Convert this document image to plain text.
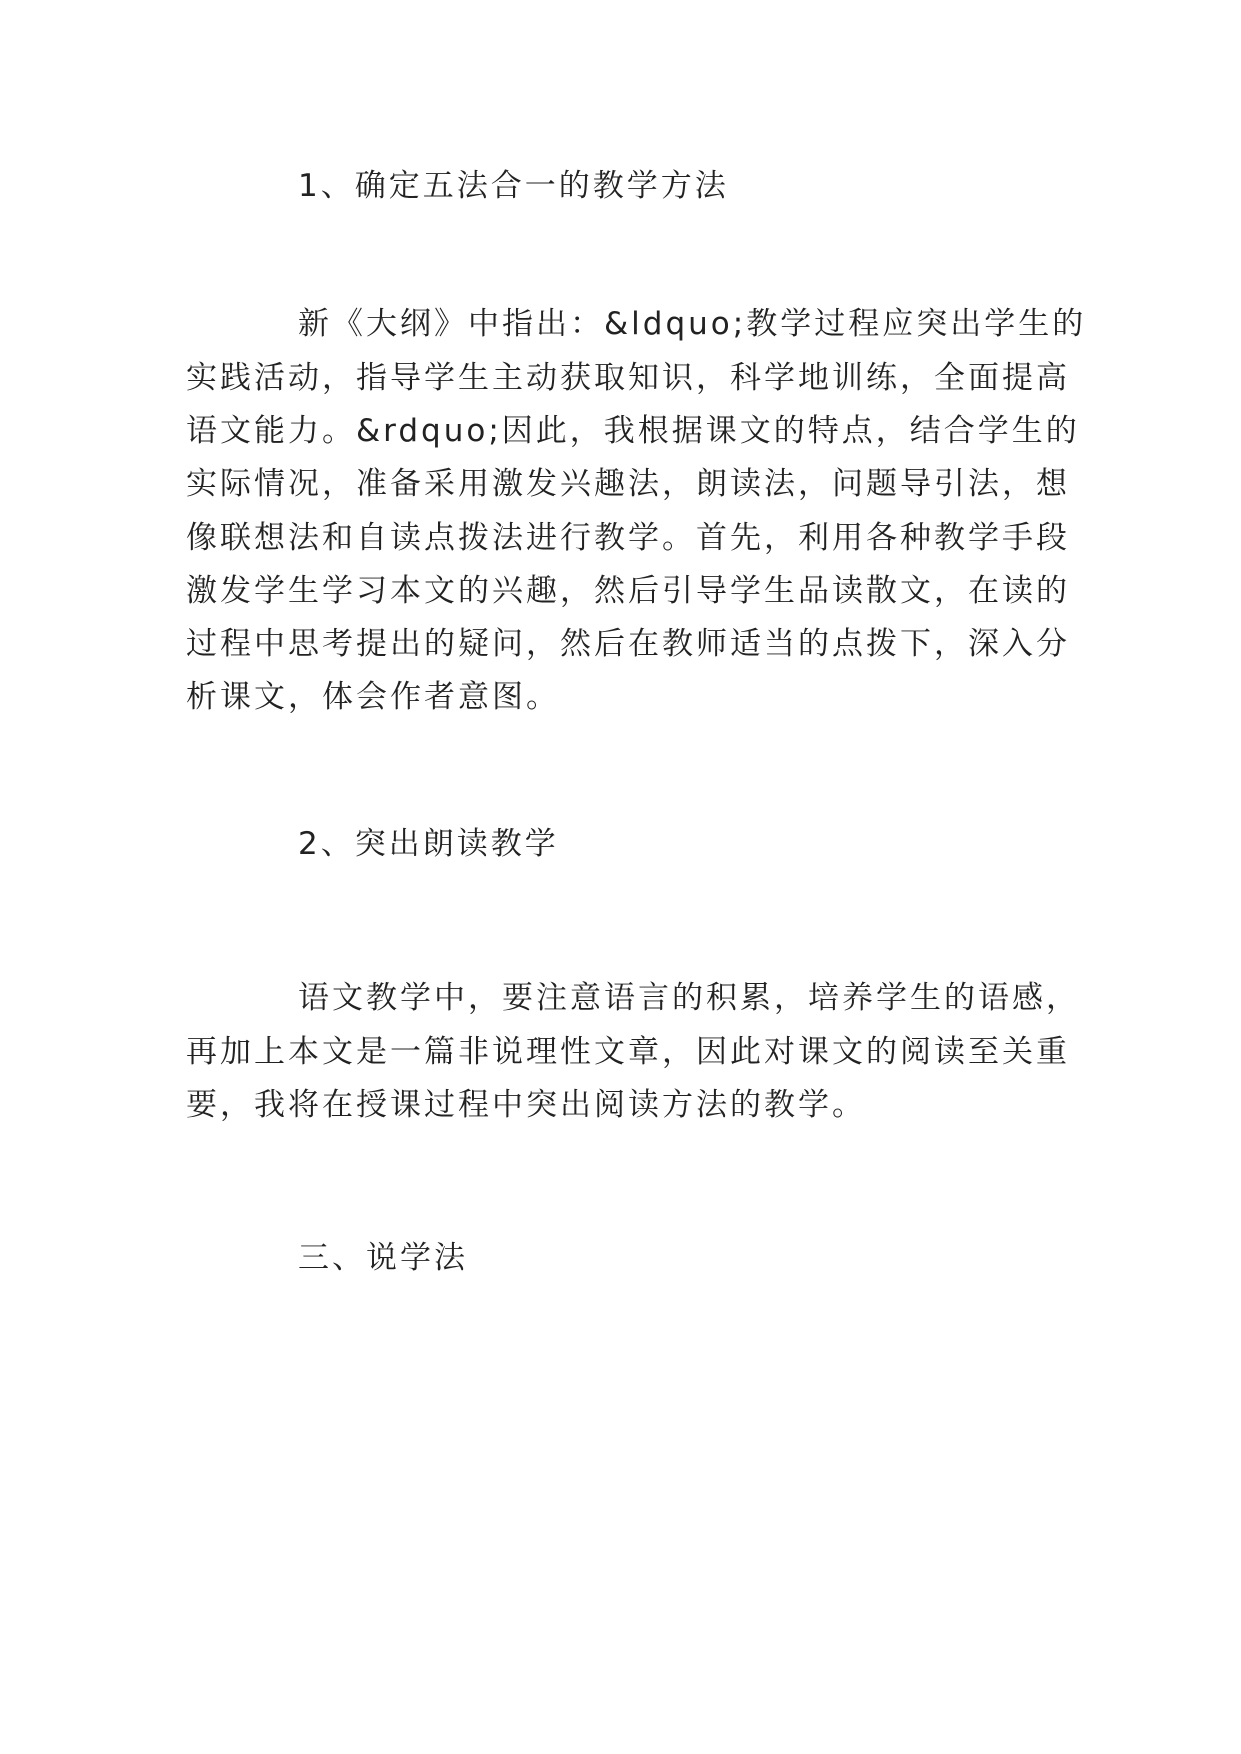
1、确定五法合一的教学方法
新《大纲》中指出：&ldquo;教学过程应突出学生的
实践活动，指导学生主动获取知识，科学地训练，全面提高
语文能力。&rdquo;因此，我根据课文的特点，结合学生的
实际情况，准备采用激发兴趣法，朗读法，问题导引法，想
像联想法和自读点拨法进行教学。首先，利用各种教学手段
激发学生学习本文的兴趣，然后引导学生品读散文，在读的
过程中思考提出的疑问，然后在教师适当的点拨下，深入分
析课文，体会作者意图。
2、突出朗读教学
语文教学中，要注意语言的积累，培养学生的语感，
再加上本文是一篇非说理性文章，因此对课文的阅读至关重
要，我将在授课过程中突出阅读方法的教学。
三、说学法
